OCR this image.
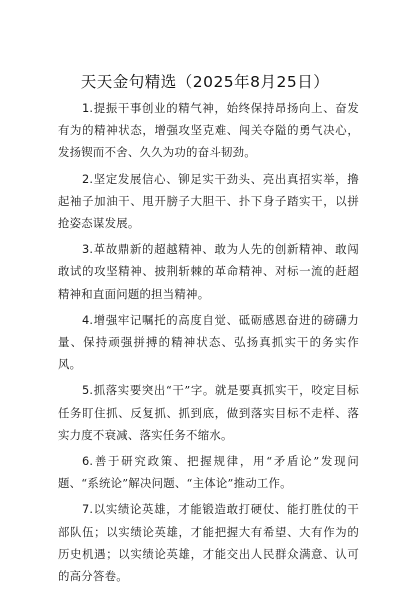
天天金句精选（2025年8月25日）

1.提振干事创业的精气神，始终保持昂扬向上、奋发有为的精神状态，增强攻坚克难、闯关夺隘的勇气决心，发扬锲而不舍、久久为功的奋斗韧劲。

2.坚定发展信心、铆足实干劲头、亮出真招实举，撸起袖子加油干、甩开膀子大胆干、扑下身子踏实干，以拼抢姿态谋发展。

3.革故鼎新的超越精神、敢为人先的创新精神、敢闯敢试的攻坚精神、披荆斩棘的革命精神、对标一流的赶超精神和直面问题的担当精神。

4.增强牢记嘱托的高度自觉、砥砺感恩奋进的磅礴力量、保持顽强拼搏的精神状态、弘扬真抓实干的务实作风。

5.抓落实要突出“干”字。就是要真抓实干，咬定目标任务盯住抓、反复抓、抓到底，做到落实目标不走样、落实力度不衰减、落实任务不缩水。

6.善于研究政策、把握规律，用“矛盾论”发现问题、“系统论”解决问题、“主体论”推动工作。

7.以实绩论英雄，才能锻造敢打硬仗、能打胜仗的干部队伍；以实绩论英雄，才能把握大有希望、大有作为的历史机遇；以实绩论英雄，才能交出人民群众满意、认可的高分答卷。
